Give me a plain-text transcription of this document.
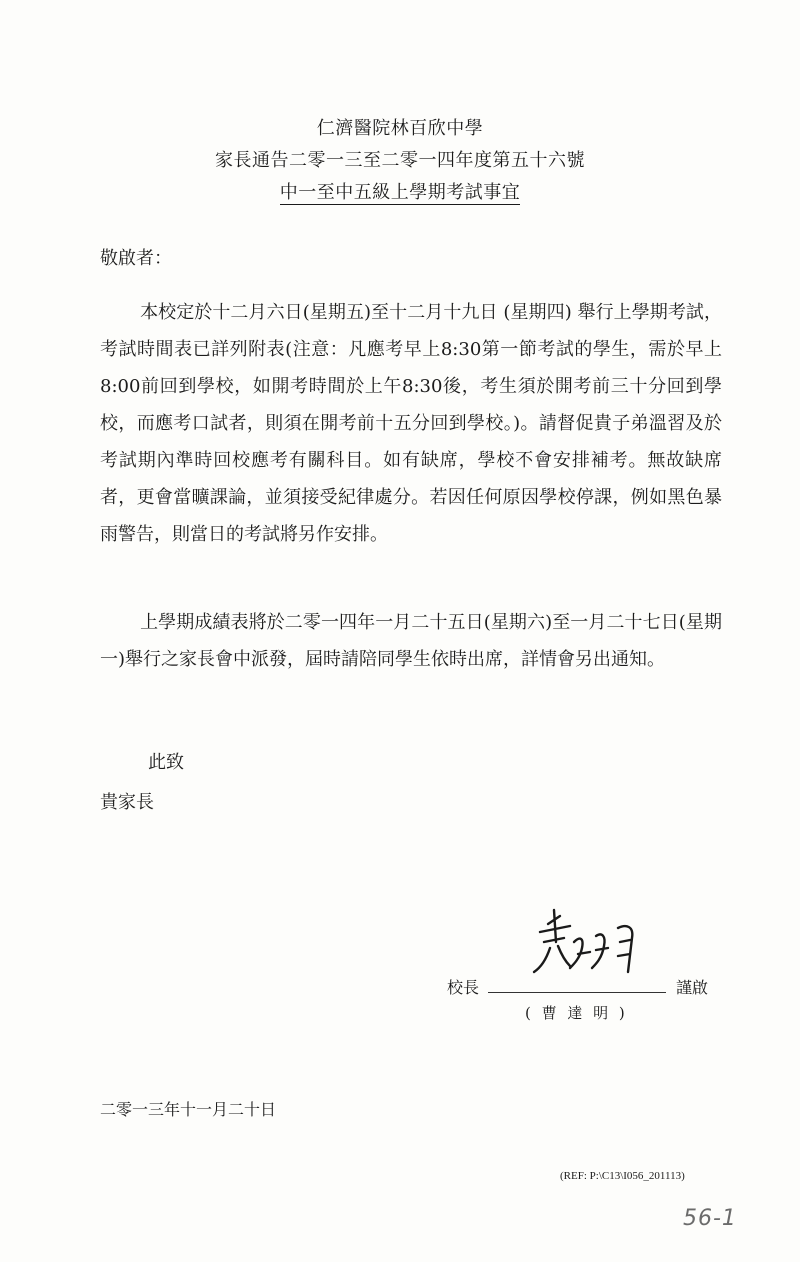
仁濟醫院林百欣中學
家長通告二零一三至二零一四年度第五十六號
中一至中五級上學期考試事宜
敬啟者：
本校定於十二月六日(星期五)至十二月十九日 (星期四) 舉行上學期考試，考試時間表已詳列附表(注意：凡應考早上8:30第一節考試的學生，需於早上8:00前回到學校，如開考時間於上午8:30後，考生須於開考前三十分回到學校，而應考口試者，則須在開考前十五分回到學校。)。請督促貴子弟溫習及於考試期內準時回校應考有關科目。如有缺席，學校不會安排補考。無故缺席者，更會當曠課論，並須接受紀律處分。若因任何原因學校停課，例如黑色暴雨警告，則當日的考試將另作安排。
上學期成績表將於二零一四年一月二十五日(星期六)至一月二十七日(星期一)舉行之家長會中派發，屆時請陪同學生依時出席，詳情會另出通知。
此致
貴家長
校長	謹啟
( 曹 達 明 )
二零一三年十一月二十日
(REF: P:\C13\I056_201113)
56-1
